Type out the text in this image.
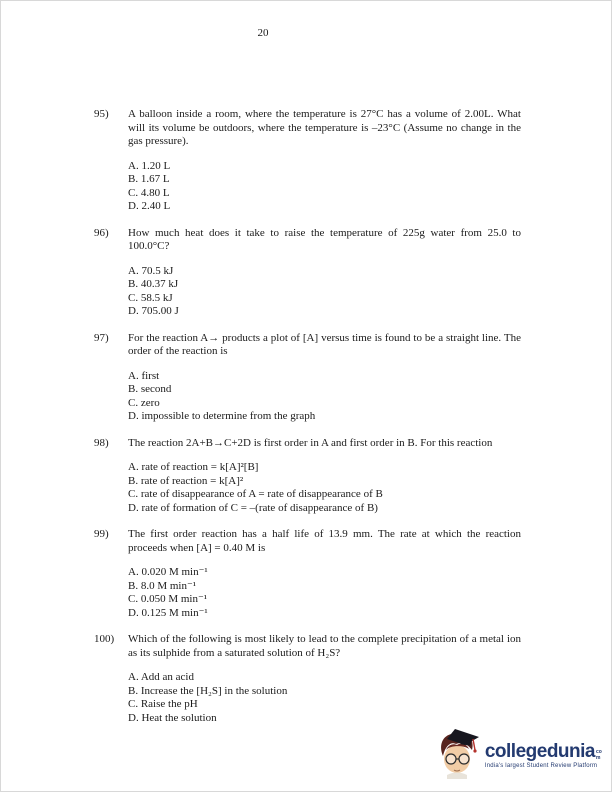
20
95)	A balloon inside a room, where the temperature is 27°C has a volume of 2.00L. What will its volume be outdoors, where the temperature is –23°C (Assume no change in the gas pressure).

A. 1.20 L
B. 1.67 L
C. 4.80 L
D. 2.40 L
96)	How much heat does it take to raise the temperature of 225g water from 25.0 to 100.0°C?

A. 70.5 kJ
B. 40.37 kJ
C. 58.5 kJ
D. 705.00 J
97)	For the reaction A→ products a plot of [A] versus time is found to be a straight line. The order of the reaction is

A. first
B. second
C. zero
D. impossible to determine from the graph
98)	The reaction 2A+B→C+2D is first order in A and first order in B. For this reaction

A. rate of reaction = k[A]²[B]
B. rate of reaction = k[A]²
C. rate of disappearance of A = rate of disappearance of B
D. rate of formation of C = –(rate of disappearance of B)
99)	The first order reaction has a half life of 13.9 mm. The rate at which the reaction proceeds when [A] = 0.40 M is

A. 0.020 M min⁻¹
B. 8.0 M min⁻¹
C. 0.050 M min⁻¹
D. 0.125 M min⁻¹
100)	Which of the following is most likely to lead to the complete precipitation of a metal ion as its sulphide from a saturated solution of H₂S?

A. Add an acid
B. Increase the [H₂S] in the solution
C. Raise the pH
D. Heat the solution
collegedunia com
India's largest Student Review Platform
